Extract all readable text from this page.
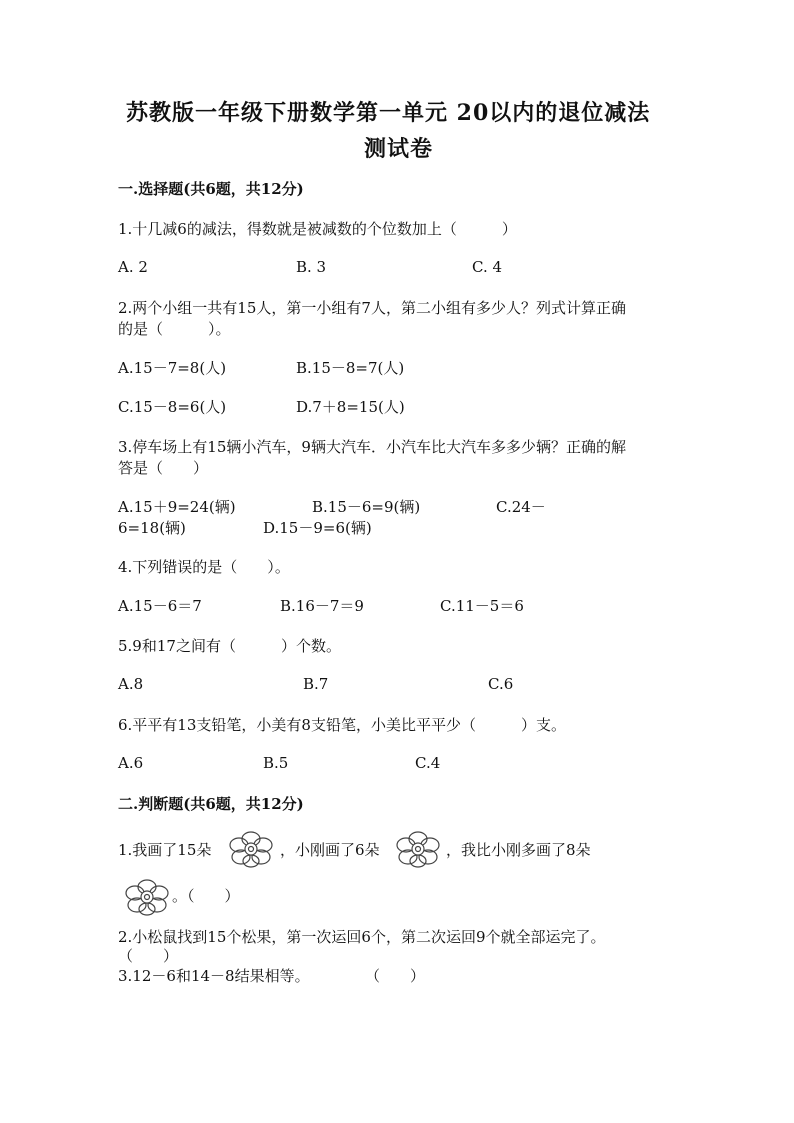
苏教版一年级下册数学第一单元 20以内的退位减法
测试卷
一.选择题(共6题，共12分)
1.十几减6的减法，得数就是被减数的个位数加上（　　　）
A. 2	B. 3	C. 4
2.两个小组一共有15人，第一小组有7人，第二小组有多少人？列式计算正确
的是（　　　）。
A.15－7=8(人)	B.15－8=7(人)
C.15－8=6(人)	D.7＋8=15(人)
3.停车场上有15辆小汽车，9辆大汽车．小汽车比大汽车多多少辆？正确的解
答是（　　）
A.15＋9=24(辆)	B.15－6=9(辆)	C.24－
6=18(辆)	D.15－9=6(辆)
4.下列错误的是（　　）。
A.15－6＝7	B.16－7＝9	C.11－5＝6
5.9和17之间有（　　　）个数。
A.8	B.7	C.6
6.平平有13支铅笔，小美有8支铅笔，小美比平平少（　　　）支。
A.6	B.5	C.4
二.判断题(共6题，共12分)
1.我画了15朵	，小刚画了6朵	，我比小刚多画了8朵
。（　　）
2.小松鼠找到15个松果，第一次运回6个，第二次运回9个就全部运完了。
（　　）
3.12－6和14－8结果相等。	（　　）
